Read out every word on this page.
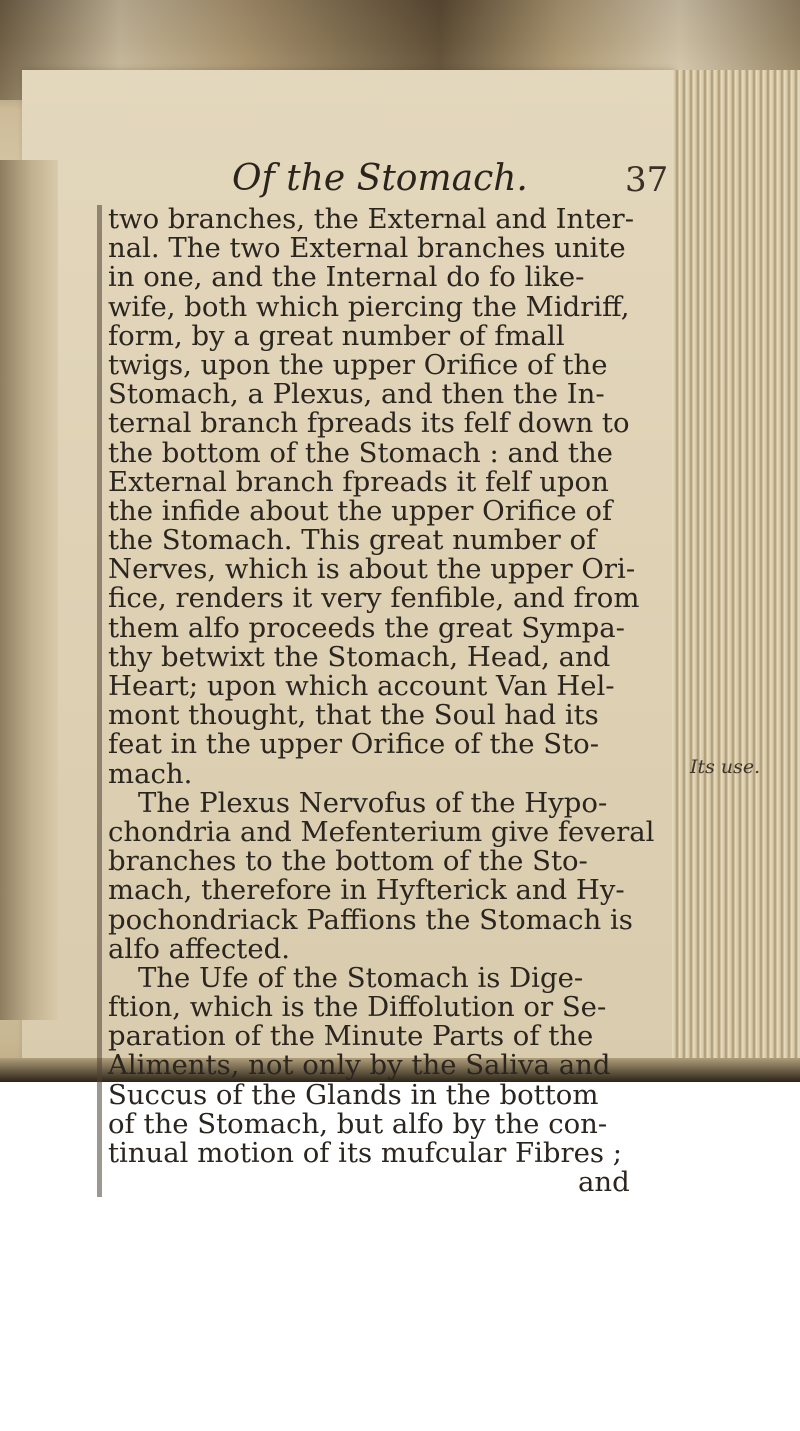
Of the Stomach.	37
two branches, the External and Inter-
nal. The two External branches unite
in one, and the Internal do fo like-
wife, both which piercing the Midriff,
form, by a great number of fmall
twigs, upon the upper Orifice of the
Stomach, a Plexus, and then the In-
ternal branch fpreads its felf down to
the bottom of the Stomach : and the
External branch fpreads it felf upon
the infide about the upper Orifice of
the Stomach. This great number of
Nerves, which is about the upper Ori-
fice, renders it very fenfible, and from
them alfo proceeds the great Sympa-
thy betwixt the Stomach, Head, and
Heart; upon which account Van Hel-
mont thought, that the Soul had its
feat in the upper Orifice of the Sto-
mach.
The Plexus Nervofus of the Hypo-
chondria and Mefenterium give feveral
branches to the bottom of the Sto-
mach, therefore in Hyfterick and Hy-
pochondriack Paffions the Stomach is
alfo affected.
The Ufe of the Stomach is Dige-
ftion, which is the Diffolution or Se-
paration of the Minute Parts of the
Aliments, not only by the Saliva and
Succus of the Glands in the bottom
of the Stomach, but alfo by the con-
tinual motion of its mufcular Fibres ;
and
Its use.
